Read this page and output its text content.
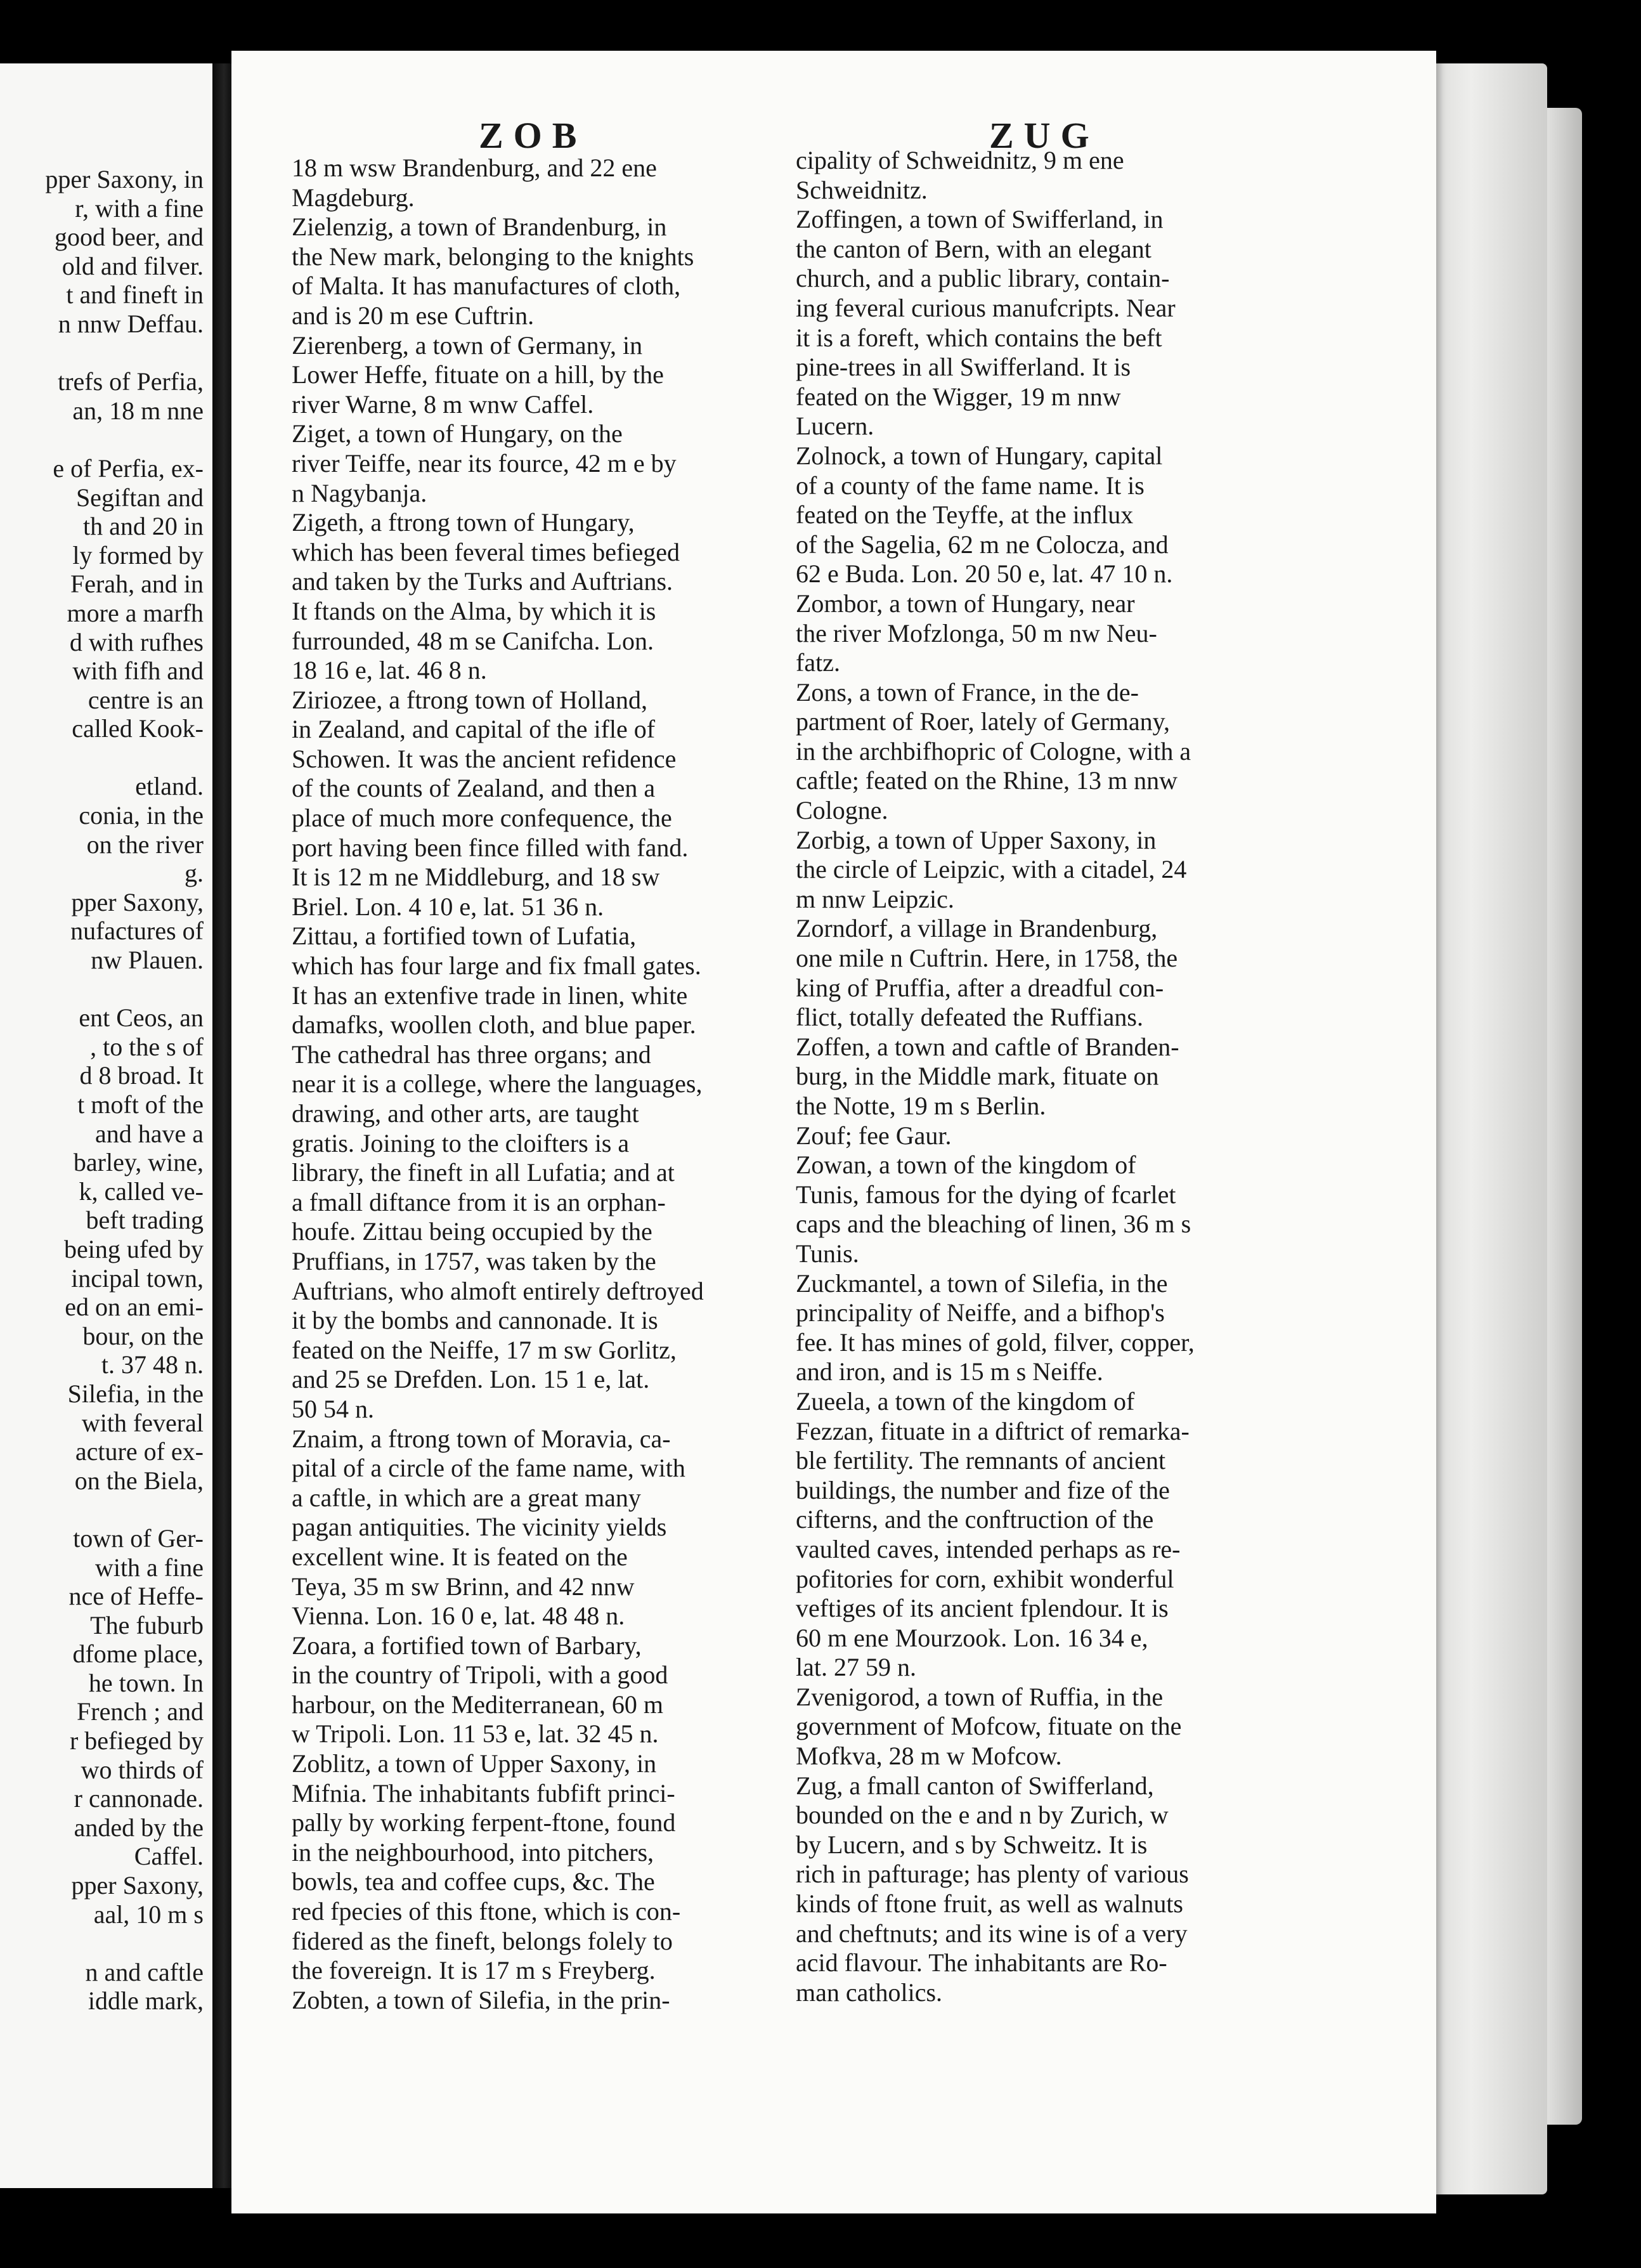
pper Saxony, in
r, with a fine
good beer, and
old and filver.
t and fineft in
n nnw Deffau.
trefs of Perfia,
an, 18 m nne
e of Perfia, ex-
Segiftan and
th and 20 in
ly formed by
Ferah, and in
more a marfh
d with rufhes
with fifh and
centre is an
called Kook-
etland.
conia, in the
on the river
g.
pper Saxony,
nufactures of
nw Plauen.
ent Ceos, an
, to the s of
d 8 broad. It
t moft of the
and have a
barley, wine,
k, called ve-
beft trading
being ufed by
incipal town,
ed on an emi-
bour, on the
t. 37 48 n.
Silefia, in the
with feveral
acture of ex-
on the Biela,
town of Ger-
with a fine
nce of Heffe-
The fuburb
dfome place,
he town. In
French ; and
r befieged by
wo thirds of
r cannonade.
anded by the
Caffel.
pper Saxony,
aal, 10 m s
n and caftle
iddle mark,
ZOB	ZUG
18 m wsw Brandenburg, and 22 ene
Magdeburg.
Zielenzig, a town of Brandenburg, in
the New mark, belonging to the knights
of Malta. It has manufactures of cloth,
and is 20 m ese Cuftrin.
Zierenberg, a town of Germany, in
Lower Heffe, fituate on a hill, by the
river Warne, 8 m wnw Caffel.
Ziget, a town of Hungary, on the
river Teiffe, near its fource, 42 m e by
n Nagybanja.
Zigeth, a ftrong town of Hungary,
which has been feveral times befieged
and taken by the Turks and Auftrians.
It ftands on the Alma, by which it is
furrounded, 48 m se Canifcha. Lon.
18 16 e, lat. 46 8 n.
Ziriozee, a ftrong town of Holland,
in Zealand, and capital of the ifle of
Schowen. It was the ancient refidence
of the counts of Zealand, and then a
place of much more confequence, the
port having been fince filled with fand.
It is 12 m ne Middleburg, and 18 sw
Briel. Lon. 4 10 e, lat. 51 36 n.
Zittau, a fortified town of Lufatia,
which has four large and fix fmall gates.
It has an extenfive trade in linen, white
damafks, woollen cloth, and blue paper.
The cathedral has three organs; and
near it is a college, where the languages,
drawing, and other arts, are taught
gratis. Joining to the cloifters is a
library, the fineft in all Lufatia; and at
a fmall diftance from it is an orphan-
houfe. Zittau being occupied by the
Pruffians, in 1757, was taken by the
Auftrians, who almoft entirely deftroyed
it by the bombs and cannonade. It is
feated on the Neiffe, 17 m sw Gorlitz,
and 25 se Drefden. Lon. 15 1 e, lat.
50 54 n.
Znaim, a ftrong town of Moravia, ca-
pital of a circle of the fame name, with
a caftle, in which are a great many
pagan antiquities. The vicinity yields
excellent wine. It is feated on the
Teya, 35 m sw Brinn, and 42 nnw
Vienna. Lon. 16 0 e, lat. 48 48 n.
Zoara, a fortified town of Barbary,
in the country of Tripoli, with a good
harbour, on the Mediterranean, 60 m
w Tripoli. Lon. 11 53 e, lat. 32 45 n.
Zoblitz, a town of Upper Saxony, in
Mifnia. The inhabitants fubfift princi-
pally by working ferpent-ftone, found
in the neighbourhood, into pitchers,
bowls, tea and coffee cups, &c. The
red fpecies of this ftone, which is con-
fidered as the fineft, belongs folely to
the fovereign. It is 17 m s Freyberg.
Zobten, a town of Silefia, in the prin-
cipality of Schweidnitz, 9 m ene
Schweidnitz.
Zoffingen, a town of Swifferland, in
the canton of Bern, with an elegant
church, and a public library, contain-
ing feveral curious manufcripts. Near
it is a foreft, which contains the beft
pine-trees in all Swifferland. It is
feated on the Wigger, 19 m nnw
Lucern.
Zolnock, a town of Hungary, capital
of a county of the fame name. It is
feated on the Teyffe, at the influx
of the Sagelia, 62 m ne Colocza, and
62 e Buda. Lon. 20 50 e, lat. 47 10 n.
Zombor, a town of Hungary, near
the river Mofzlonga, 50 m nw Neu-
fatz.
Zons, a town of France, in the de-
partment of Roer, lately of Germany,
in the archbifhopric of Cologne, with a
caftle; feated on the Rhine, 13 m nnw
Cologne.
Zorbig, a town of Upper Saxony, in
the circle of Leipzic, with a citadel, 24
m nnw Leipzic.
Zorndorf, a village in Brandenburg,
one mile n Cuftrin. Here, in 1758, the
king of Pruffia, after a dreadful con-
flict, totally defeated the Ruffians.
Zoffen, a town and caftle of Branden-
burg, in the Middle mark, fituate on
the Notte, 19 m s Berlin.
Zouf; fee Gaur.
Zowan, a town of the kingdom of
Tunis, famous for the dying of fcarlet
caps and the bleaching of linen, 36 m s
Tunis.
Zuckmantel, a town of Silefia, in the
principality of Neiffe, and a bifhop's
fee. It has mines of gold, filver, copper,
and iron, and is 15 m s Neiffe.
Zueela, a town of the kingdom of
Fezzan, fituate in a diftrict of remarka-
ble fertility. The remnants of ancient
buildings, the number and fize of the
cifterns, and the conftruction of the
vaulted caves, intended perhaps as re-
pofitories for corn, exhibit wonderful
veftiges of its ancient fplendour. It is
60 m ene Mourzook. Lon. 16 34 e,
lat. 27 59 n.
Zvenigorod, a town of Ruffia, in the
government of Mofcow, fituate on the
Mofkva, 28 m w Mofcow.
Zug, a fmall canton of Swifferland,
bounded on the e and n by Zurich, w
by Lucern, and s by Schweitz. It is
rich in pafturage; has plenty of various
kinds of ftone fruit, as well as walnuts
and cheftnuts; and its wine is of a very
acid flavour. The inhabitants are Ro-
man catholics.
